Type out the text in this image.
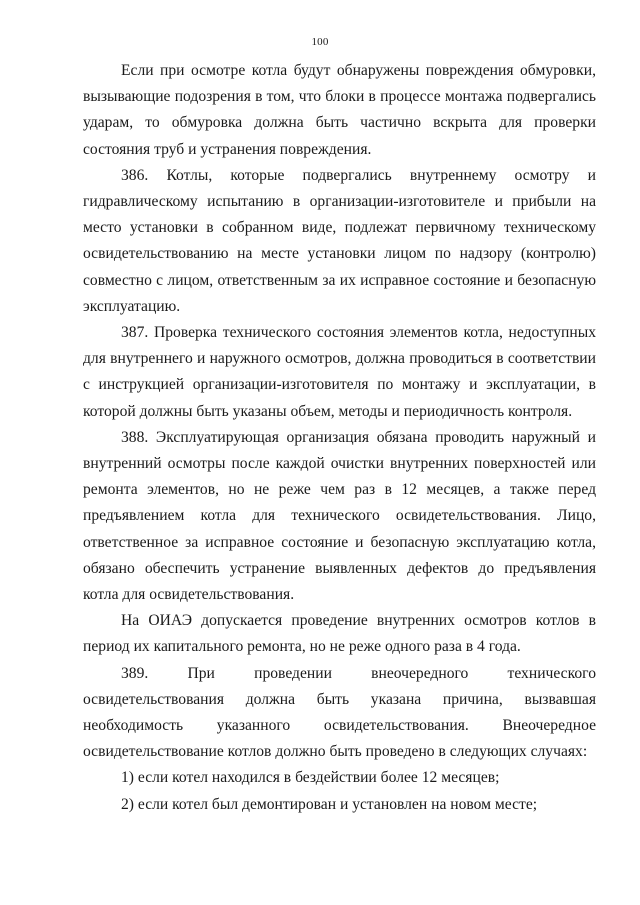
100

Если при осмотре котла будут обнаружены повреждения обмуровки, вызывающие подозрения в том, что блоки в процессе монтажа подвергались ударам, то обмуровка должна быть частично вскрыта для проверки состояния труб и устранения повреждения.

386. Котлы, которые подвергались внутреннему осмотру и гидравлическому испытанию в организации-изготовителе и прибыли на место установки в собранном виде, подлежат первичному техническому освидетельствованию на месте установки лицом по надзору (контролю) совместно с лицом, ответственным за их исправное состояние и безопасную эксплуатацию.

387. Проверка технического состояния элементов котла, недоступных для внутреннего и наружного осмотров, должна проводиться в соответствии с инструкцией организации-изготовителя по монтажу и эксплуатации, в которой должны быть указаны объем, методы и периодичность контроля.

388. Эксплуатирующая организация обязана проводить наружный и внутренний осмотры после каждой очистки внутренних поверхностей или ремонта элементов, но не реже чем раз в 12 месяцев, а также перед предъявлением котла для технического освидетельствования. Лицо, ответственное за исправное состояние и безопасную эксплуатацию котла, обязано обеспечить устранение выявленных дефектов до предъявления котла для освидетельствования.

На ОИАЭ допускается проведение внутренних осмотров котлов в период их капитального ремонта, но не реже одного раза в 4 года.

389. При проведении внеочередного технического освидетельствования должна быть указана причина, вызвавшая необходимость указанного освидетельствования. Внеочередное освидетельствование котлов должно быть проведено в следующих случаях:

1) если котел находился в бездействии более 12 месяцев;

2) если котел был демонтирован и установлен на новом месте;
